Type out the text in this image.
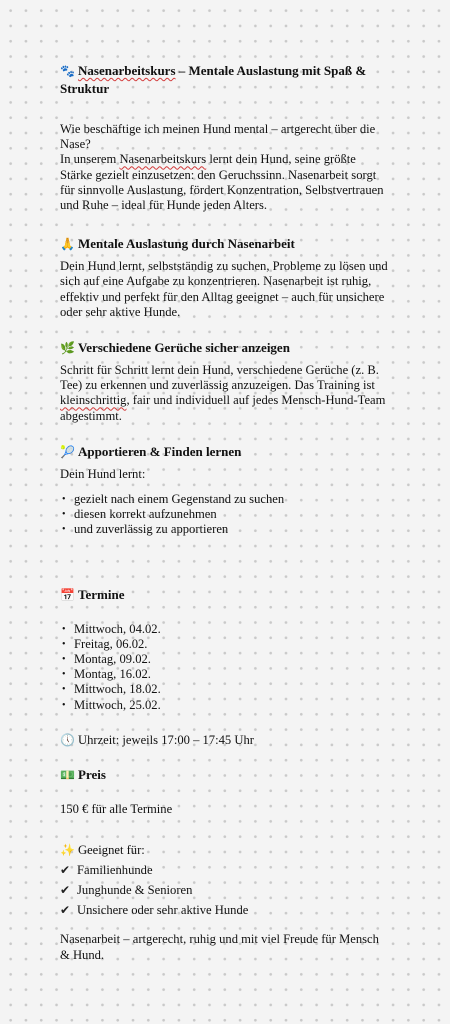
🐾 Nasenarbeitskurs – Mentale Auslastung mit Spaß & Struktur

Wie beschäftige ich meinen Hund mental – artgerecht über die Nase?

In unserem Nasenarbeitskurs lernt dein Hund, seine größte Stärke gezielt einzusetzen: den Geruchssinn. Nasenarbeit sorgt für sinnvolle Auslastung, fördert Konzentration, Selbstvertrauen und Ruhe – ideal für Hunde jeden Alters.

🙏 Mentale Auslastung durch Nasenarbeit

Dein Hund lernt, selbstständig zu suchen, Probleme zu lösen und sich auf eine Aufgabe zu konzentrieren. Nasenarbeit ist ruhig, effektiv und perfekt für den Alltag geeignet – auch für unsichere oder sehr aktive Hunde.

🌿 Verschiedene Gerüche sicher anzeigen

Schritt für Schritt lernt dein Hund, verschiedene Gerüche (z. B. Tee) zu erkennen und zuverlässig anzuzeigen. Das Training ist kleinschrittig, fair und individuell auf jedes Mensch-Hund-Team abgestimmt.

🎾 Apportieren & Finden lernen

Dein Hund lernt:

• gezielt nach einem Gegenstand zu suchen
• diesen korrekt aufzunehmen
• und zuverlässig zu apportieren
📅 Termine
• Mittwoch, 04.02.
• Freitag, 06.02.
• Montag, 09.02.
• Montag, 16.02.
• Mittwoch, 18.02.
• Mittwoch, 25.02.

🕔 Uhrzeit: jeweils 17:00 – 17:45 Uhr

💵 Preis

150 € für alle Termine

✨ Geeignet für:

✔ Familienhunde
✔ Junghunde & Senioren
✔ Unsichere oder sehr aktive Hunde

Nasenarbeit – artgerecht, ruhig und mit viel Freude für Mensch & Hund.
